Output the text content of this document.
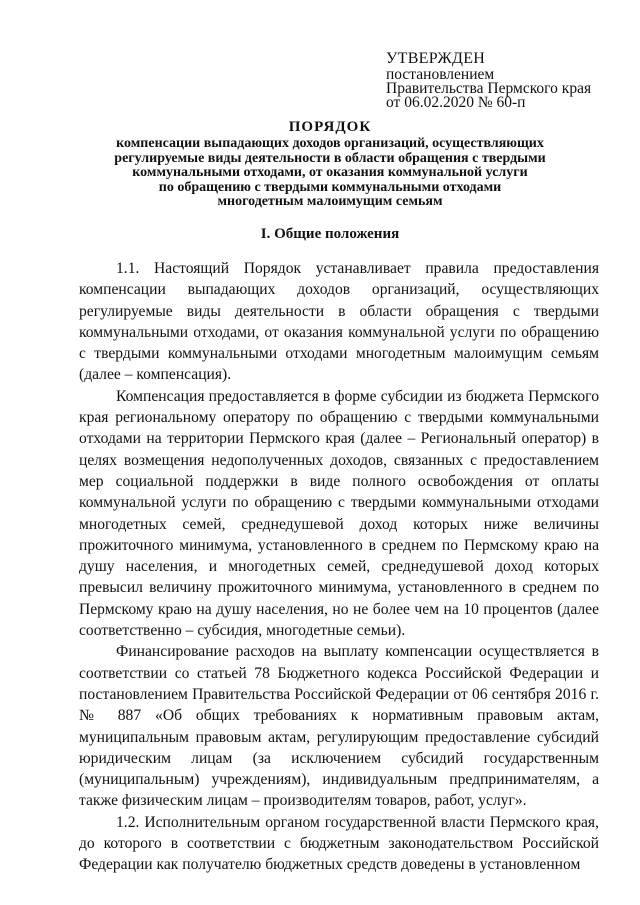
УТВЕРЖДЕН
постановлением
Правительства Пермского края
от 06.02.2020 № 60-п
ПОРЯДОК
компенсации выпадающих доходов организаций, осуществляющих
регулируемые виды деятельности в области обращения с твердыми
коммунальными отходами, от оказания коммунальной услуги
по обращению с твердыми коммунальными отходами
многодетным малоимущим семьям
I. Общие положения

1.1. Настоящий Порядок устанавливает правила предоставления компенсации выпадающих доходов организаций, осуществляющих регулируемые виды деятельности в области обращения с твердыми коммунальными отходами, от оказания коммунальной услуги по обращению с твердыми коммунальными отходами многодетным малоимущим семьям (далее – компенсация).

Компенсация предоставляется в форме субсидии из бюджета Пермского края региональному оператору по обращению с твердыми коммунальными отходами на территории Пермского края (далее – Региональный оператор) в целях возмещения недополученных доходов, связанных с предоставлением мер социальной поддержки в виде полного освобождения от оплаты коммунальной услуги по обращению с твердыми коммунальными отходами многодетных семей, среднедушевой доход которых ниже величины прожиточного минимума, установленного в среднем по Пермскому краю на душу населения, и многодетных семей, среднедушевой доход которых превысил величину прожиточного минимума, установленного в среднем по Пермскому краю на душу населения, но не более чем на 10 процентов (далее соответственно – субсидия, многодетные семьи).

Финансирование расходов на выплату компенсации осуществляется в соответствии со статьей 78 Бюджетного кодекса Российской Федерации и постановлением Правительства Российской Федерации от 06 сентября 2016 г. № 887 «Об общих требованиях к нормативным правовым актам, муниципальным правовым актам, регулирующим предоставление субсидий юридическим лицам (за исключением субсидий государственным (муниципальным) учреждениям), индивидуальным предпринимателям, а также физическим лицам – производителям товаров, работ, услуг».

1.2. Исполнительным органом государственной власти Пермского края, до которого в соответствии с бюджетным законодательством Российской Федерации как получателю бюджетных средств доведены в установленном
